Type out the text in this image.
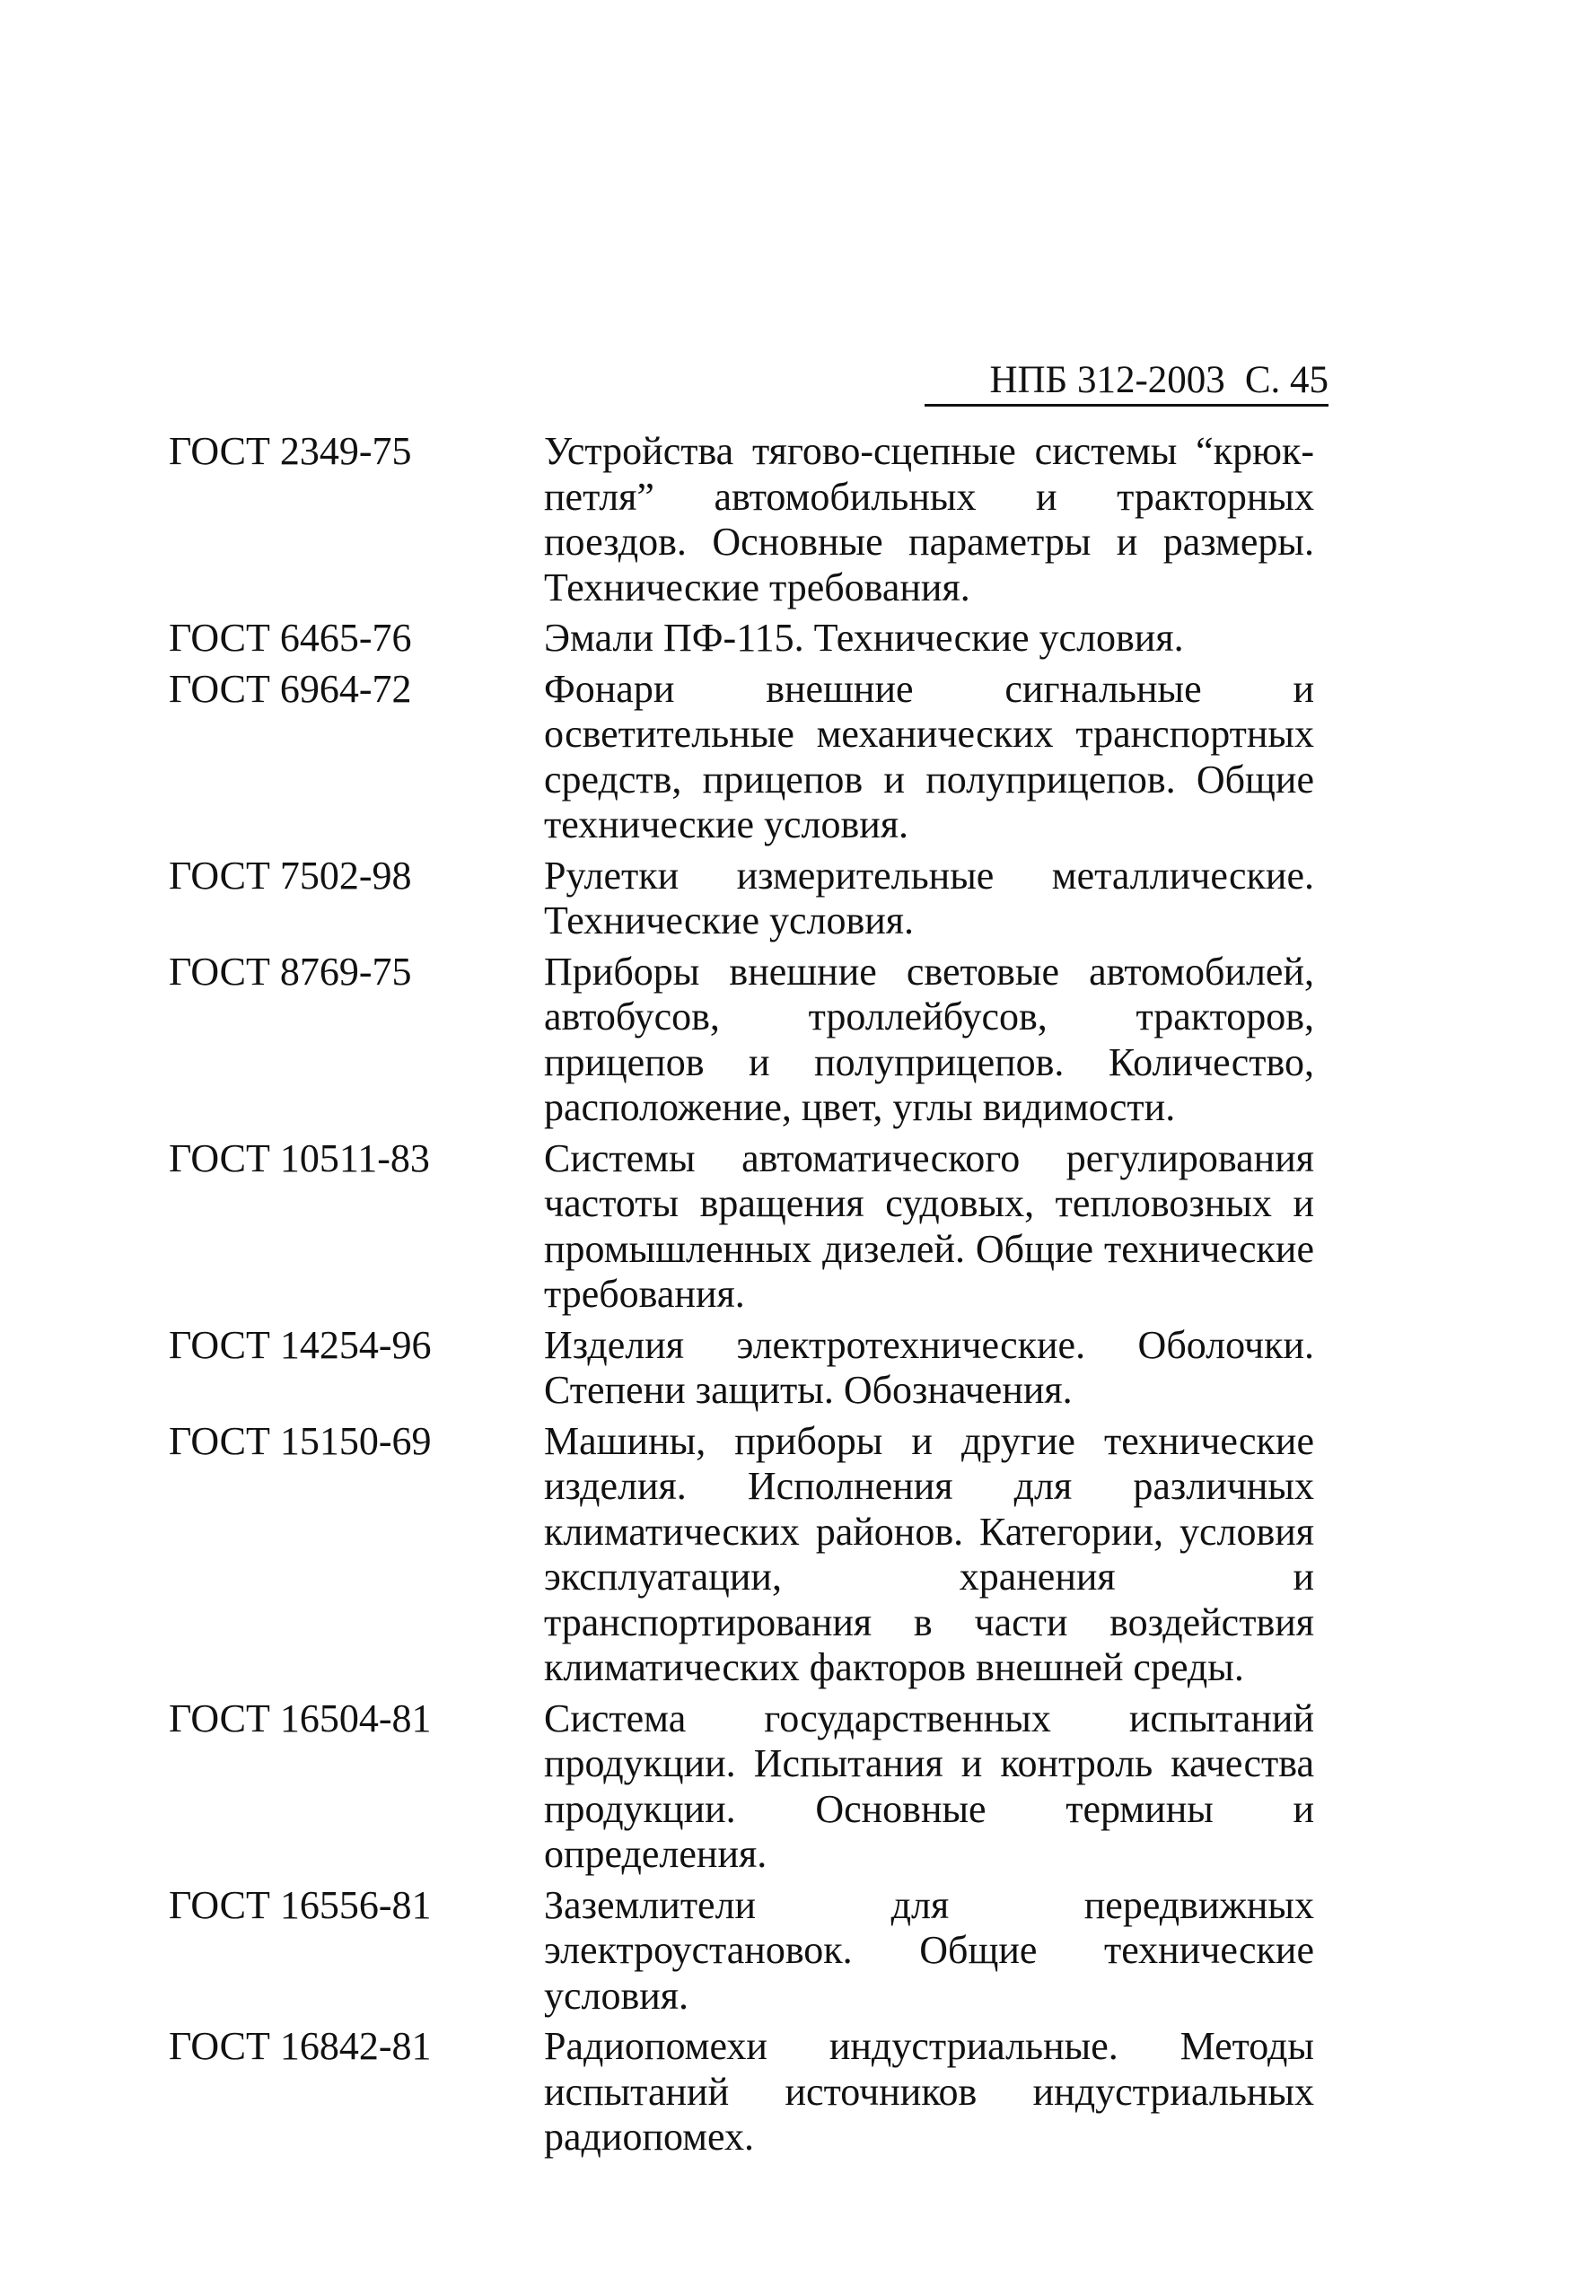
НПБ 312-2003 С. 45
ГОСТ 2349-75	Устройства тягово-сцепные системы “крюк-петля” автомобильных и тракторных поездов. Основные параметры и размеры. Технические требования.
ГОСТ 6465-76	Эмали ПФ-115. Технические условия.
ГОСТ 6964-72	Фонари внешние сигнальные и осветительные механических транспортных средств, прицепов и полуприцепов. Общие технические условия.
ГОСТ 7502-98	Рулетки измерительные металлические. Технические условия.
ГОСТ 8769-75	Приборы внешние световые автомобилей, автобусов, троллейбусов, тракторов, прицепов и полуприцепов. Количество, расположение, цвет, углы видимости.
ГОСТ 10511-83	Системы автоматического регулирования частоты вращения судовых, тепловозных и промышленных дизелей. Общие технические требования.
ГОСТ 14254-96	Изделия электротехнические. Оболочки. Степени защиты. Обозначения.
ГОСТ 15150-69	Машины, приборы и другие технические изделия. Исполнения для различных климатических районов. Категории, условия эксплуатации, хранения и транспортирования в части воздействия климатических факторов внешней среды.
ГОСТ 16504-81	Система государственных испытаний продукции. Испытания и контроль качества продукции. Основные термины и определения.
ГОСТ 16556-81	Заземлители для передвижных электроустановок. Общие технические условия.
ГОСТ 16842-81	Радиопомехи индустриальные. Методы испытаний источников индустриальных радиопомех.
